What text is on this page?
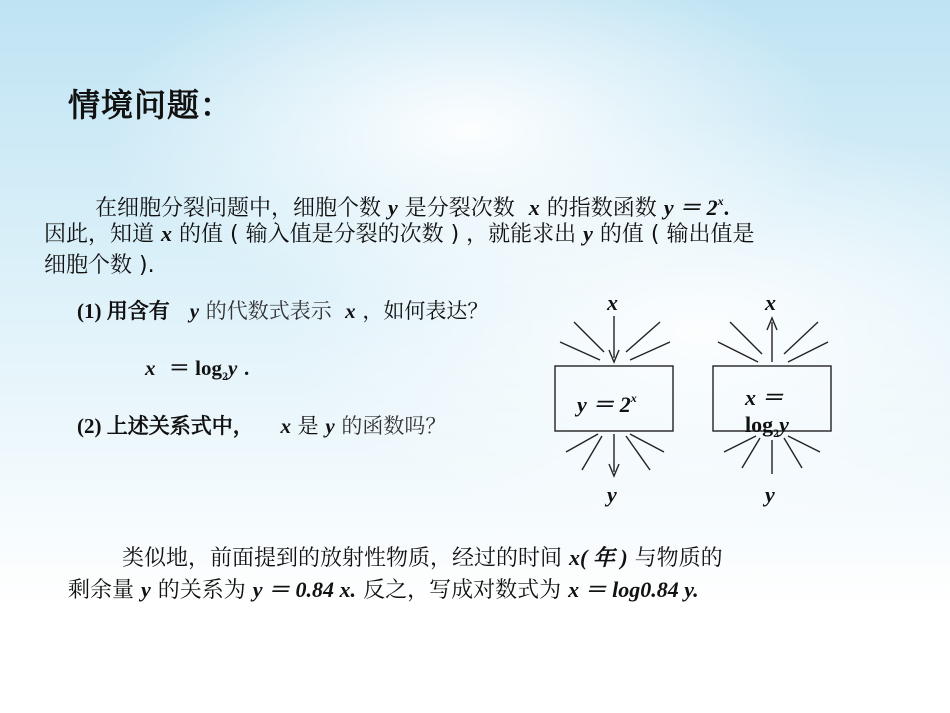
情境问题：
在细胞分裂问题中，细胞个数 y 是分裂次数 x 的指数函数 $y = 2^x$.
因此，知道 x 的值 ( 输入值是分裂的次数 ) ，就能求出 y 的值 ( 输出值是
细胞个数 ).
(1) 用含有 y 的代数式表示 x ，如何表达？
$x = \log_2y$ .
(2) 上述关系式中， x 是 y 的函数吗？
x
y
$y = 2^x$
x
y
x ＝
$\log_2y$
类似地，前面提到的放射性物质，经过的时间 x( 年 ) 与物质的
剩余量 y 的关系为 y ＝ 0.84 x. 反之，写成对数式为 x ＝ log0.84 y.
